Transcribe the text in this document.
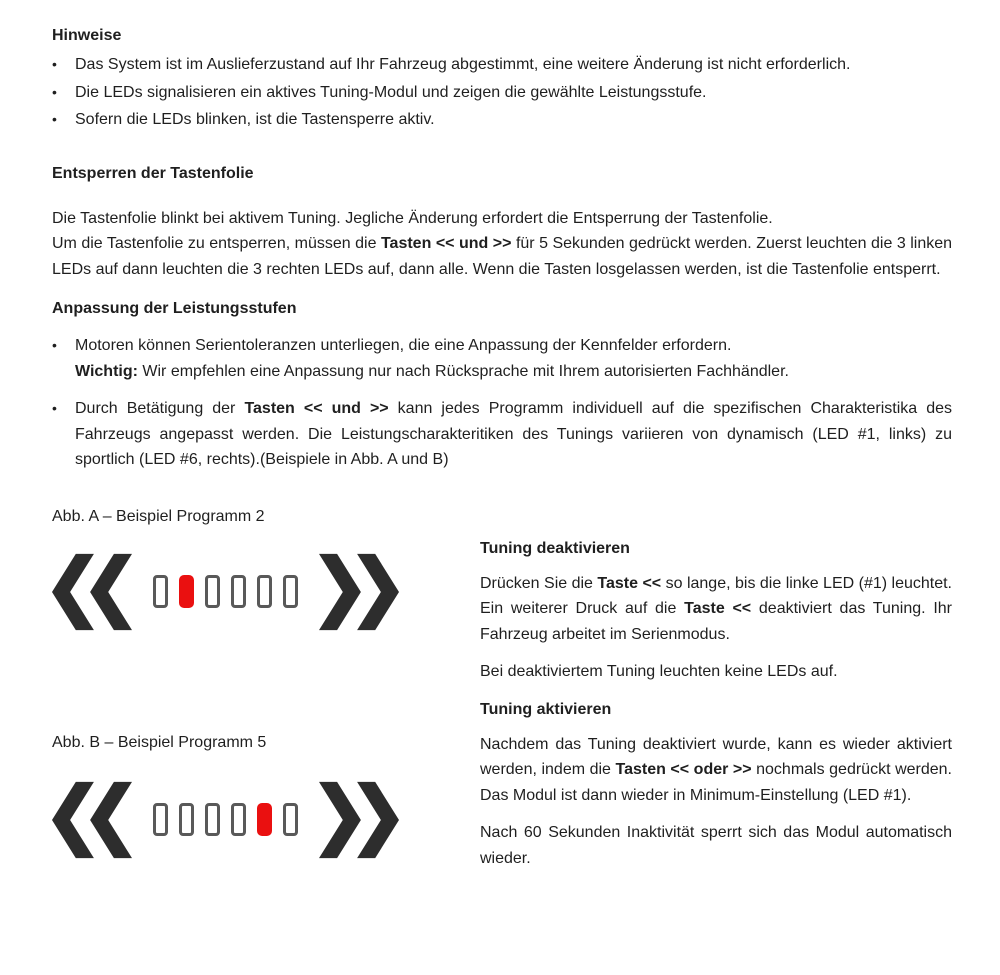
Hinweise
•	Das System ist im Auslieferzustand auf Ihr Fahrzeug abgestimmt, eine weitere Änderung ist nicht erforderlich.
•	Die LEDs signalisieren ein aktives Tuning-Modul und zeigen die gewählte Leistungsstufe.
•	Sofern die LEDs blinken, ist die Tastensperre aktiv.
Entsperren der Tastenfolie

Die Tastenfolie blinkt bei aktivem Tuning. Jegliche Änderung erfordert die Entsperrung der Tastenfolie.

Um die Tastenfolie zu entsperren, müssen die Tasten << und >> für 5 Sekunden gedrückt werden. Zuerst leuchten die 3 linken LEDs auf dann leuchten die 3 rechten LEDs auf, dann alle. Wenn die Tasten losgelassen werden, ist die Tastenfolie entsperrt.

Anpassung der Leistungsstufen
•	Motoren können Serientoleranzen unterliegen, die eine Anpassung der Kennfelder erfordern.

Wichtig: Wir empfehlen eine Anpassung nur nach Rücksprache mit Ihrem autorisierten Fachhändler.

•	Durch Betätigung der Tasten << und >> kann jedes Programm individuell auf die spezifischen Charakteristika des Fahrzeugs angepasst werden. Die Leistungscharakteritiken des Tunings variieren von dynamisch (LED #1, links) zu sportlich (LED #6, rechts).(Beispiele in Abb. A und B)
Abb. A – Beispiel Programm 2
Abb. B – Beispiel Programm 5
Tuning deaktivieren

Drücken Sie die Taste << so lange, bis die linke LED (#1) leuchtet. Ein weiterer Druck auf die Taste << deaktiviert das Tuning. Ihr Fahrzeug arbeitet im Serienmodus.

Bei deaktiviertem Tuning leuchten keine LEDs auf.

Tuning aktivieren

Nachdem das Tuning deaktiviert wurde, kann es wieder aktiviert werden, indem die Tasten << oder >> nochmals gedrückt werden. Das Modul ist dann wieder in Minimum-Einstellung (LED #1).

Nach 60 Sekunden Inaktivität sperrt sich das Modul automatisch wieder.
